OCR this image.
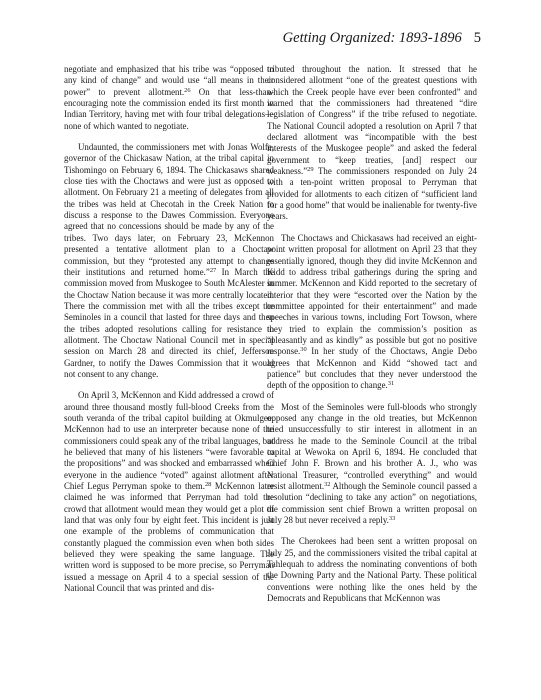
Getting Organized: 1893-1896 5

negotiate and emphasized that his tribe was “opposed to any kind of change” and would use “all means in their power” to prevent allotment.$^{26}$ On that less-than-encouraging note the commission ended its first month in Indian Territory, having met with four tribal delegations—none of which wanted to negotiate.

Undaunted, the commissioners met with Jonas Wolfe, governor of the Chickasaw Nation, at the tribal capital in Tishomingo on February 6, 1894. The Chickasaws shared close ties with the Choctaws and were just as opposed to allotment. On February 21 a meeting of delegates from all the tribes was held at Checotah in the Creek Nation to discuss a response to the Dawes Commission. Everyone agreed that no concessions should be made by any of the tribes. Two days later, on February 23, McKennon presented a tentative allotment plan to a Choctaw commission, but they “protested any attempt to change their institutions and returned home.”$^{27}$ In March the commission moved from Muskogee to South McAlester in the Choctaw Nation because it was more centrally located. There the commission met with all the tribes except the Seminoles in a council that lasted for three days and then the tribes adopted resolutions calling for resistance to allotment. The Choctaw National Council met in special session on March 28 and directed its chief, Jefferson Gardner, to notify the Dawes Commission that it would not consent to any change.

On April 3, McKennon and Kidd addressed a crowd of around three thousand mostly full-blood Creeks from the south veranda of the tribal capitol building at Okmulgee. McKennon had to use an interpreter because none of the commissioners could speak any of the tribal languages, but he believed that many of his listeners “were favorable to the propositions” and was shocked and embarrassed when everyone in the audience “voted” against allotment after Chief Legus Perryman spoke to them.$^{28}$ McKennon later claimed he was informed that Perryman had told the crowd that allotment would mean they would get a plot of land that was only four by eight feet. This incident is just one example of the problems of communication that constantly plagued the commission even when both sides believed they were speaking the same language. The written word is supposed to be more precise, so Perryman issued a message on April 4 to a special session of the National Council that was printed and dis-

tributed throughout the nation. It stressed that he considered allotment “one of the greatest questions with which the Creek people have ever been confronted” and warned that the commissioners had threatened “dire legislation of Congress” if the tribe refused to negotiate. The National Council adopted a resolution on April 7 that declared allotment was “incompatible with the best interests of the Muskogee people” and asked the federal government to “keep treaties, [and] respect our weakness.”$^{29}$ The commissioners responded on July 24 with a ten-point written proposal to Perryman that provided for allotments to each citizen of “sufficient land for a good home” that would be inalienable for twenty-five years.

The Choctaws and Chickasaws had received an eight-point written proposal for allotment on April 23 that they essentially ignored, though they did invite McKennon and Kidd to address tribal gatherings during the spring and summer. McKennon and Kidd reported to the secretary of interior that they were “escorted over the Nation by the committee appointed for their entertainment” and made speeches in various towns, including Fort Towson, where they tried to explain the commission’s position as “pleasantly and as kindly” as possible but got no positive response.$^{30}$ In her study of the Choctaws, Angie Debo agrees that McKennon and Kidd “showed tact and patience” but concludes that they never understood the depth of the opposition to change.$^{31}$

Most of the Seminoles were full-bloods who strongly opposed any change in the old treaties, but McKennon tried unsuccessfully to stir interest in allotment in an address he made to the Seminole Council at the tribal capital at Wewoka on April 6, 1894. He concluded that Chief John F. Brown and his brother A. J., who was National Treasurer, “controlled everything” and would resist allotment.$^{32}$ Although the Seminole council passed a resolution “declining to take any action” on negotiations, the commission sent chief Brown a written proposal on July 28 but never received a reply.$^{33}$

The Cherokees had been sent a written proposal on July 25, and the commissioners visited the tribal capital at Tahlequah to address the nominating conventions of both the Downing Party and the National Party. These political conventions were nothing like the ones held by the Democrats and Republicans that McKennon was
